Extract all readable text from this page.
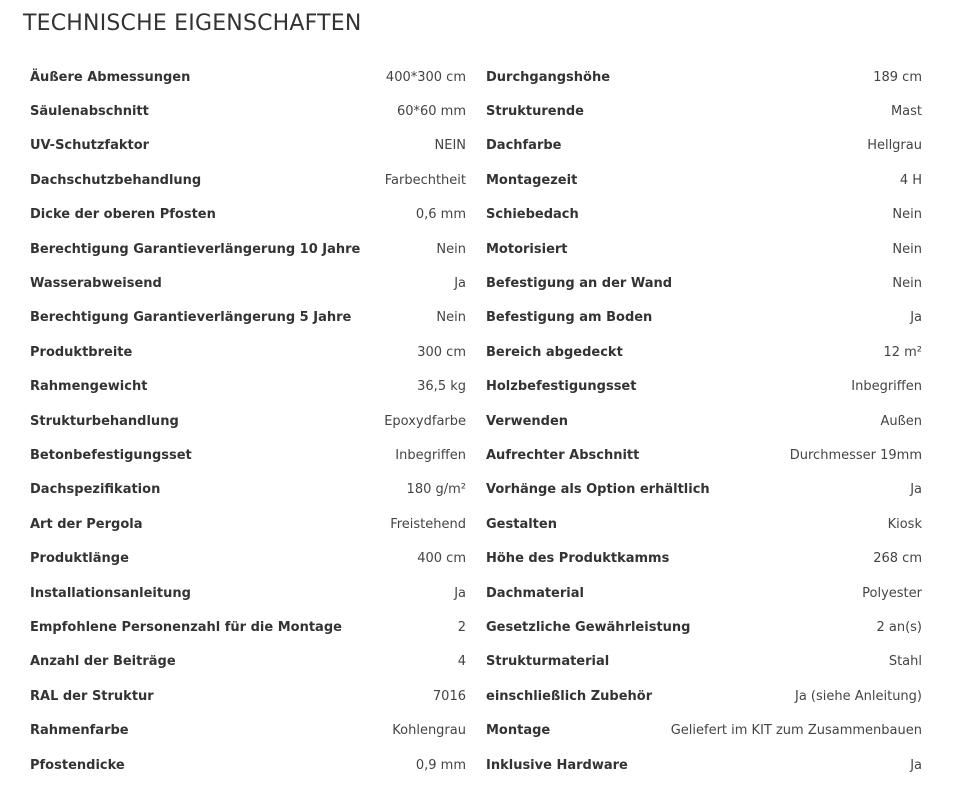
TECHNISCHE EIGENSCHAFTEN
Äußere Abmessungen	400*300 cm
Säulenabschnitt	60*60 mm
UV-Schutzfaktor	NEIN
Dachschutzbehandlung	Farbechtheit
Dicke der oberen Pfosten	0,6 mm
Berechtigung Garantieverlängerung 10 Jahre	Nein
Wasserabweisend	Ja
Berechtigung Garantieverlängerung 5 Jahre	Nein
Produktbreite	300 cm
Rahmengewicht	36,5 kg
Strukturbehandlung	Epoxydfarbe
Betonbefestigungsset	Inbegriffen
Dachspezifikation	180 g/m²
Art der Pergola	Freistehend
Produktlänge	400 cm
Installationsanleitung	Ja
Empfohlene Personenzahl für die Montage	2
Anzahl der Beiträge	4
RAL der Struktur	7016
Rahmenfarbe	Kohlengrau
Pfostendicke	0,9 mm
Durchgangshöhe	189 cm
Strukturende	Mast
Dachfarbe	Hellgrau
Montagezeit	4 H
Schiebedach	Nein
Motorisiert	Nein
Befestigung an der Wand	Nein
Befestigung am Boden	Ja
Bereich abgedeckt	12 m²
Holzbefestigungsset	Inbegriffen
Verwenden	Außen
Aufrechter Abschnitt	Durchmesser 19mm
Vorhänge als Option erhältlich	Ja
Gestalten	Kiosk
Höhe des Produktkamms	268 cm
Dachmaterial	Polyester
Gesetzliche Gewährleistung	2 an(s)
Strukturmaterial	Stahl
einschließlich Zubehör	Ja (siehe Anleitung)
Montage	Geliefert im KIT zum Zusammenbauen
Inklusive Hardware	Ja
